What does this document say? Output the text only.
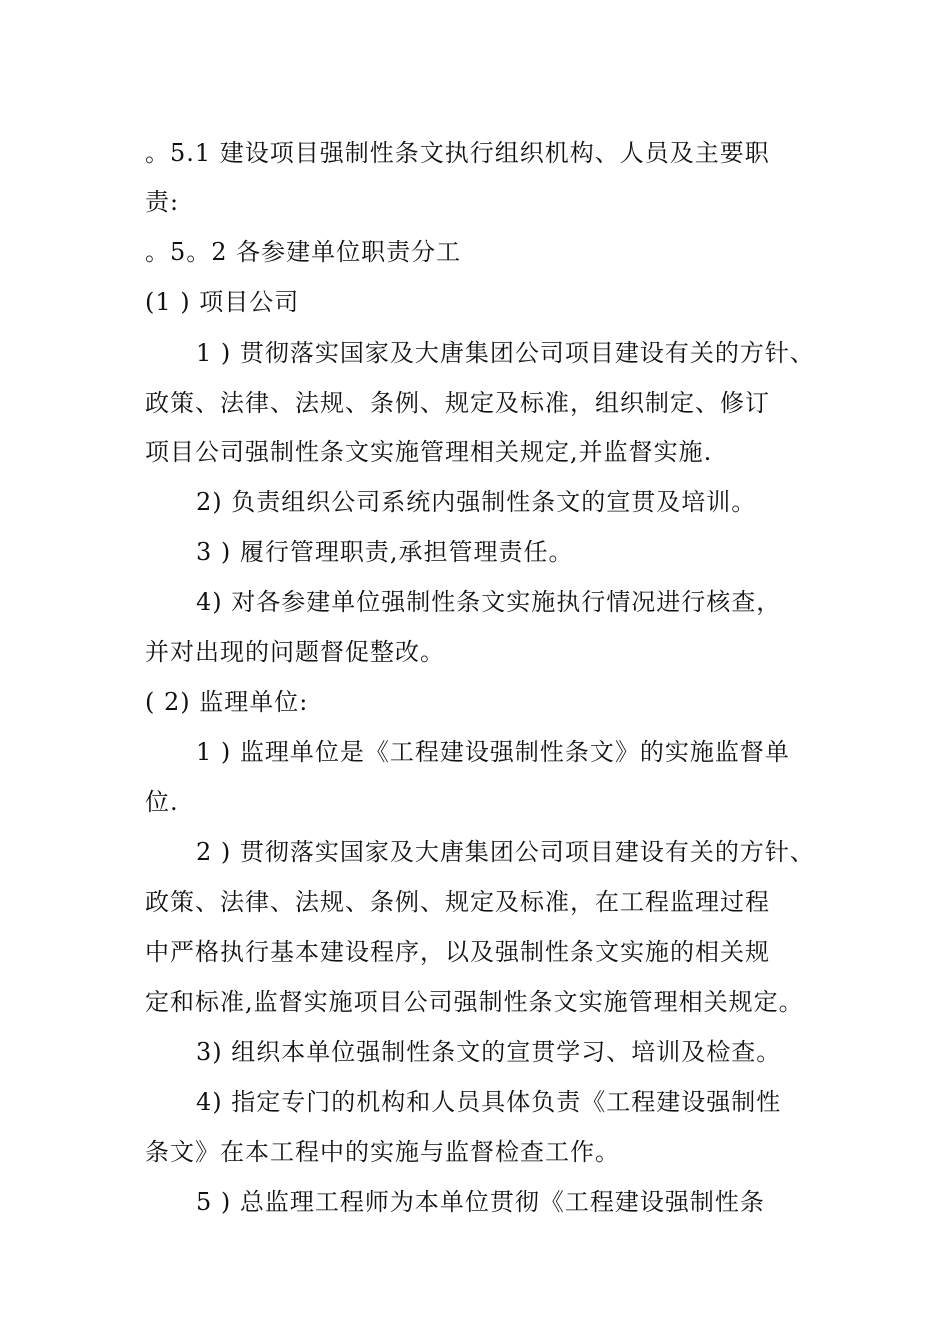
。5.1 建设项目强制性条文执行组织机构、人员及主要职
责:
。5。2 各参建单位职责分工
(1 ) 项目公司
1 ) 贯彻落实国家及大唐集团公司项目建设有关的方针、
政策、法律、法规、条例、规定及标准，组织制定、修订
项目公司强制性条文实施管理相关规定,并监督实施.
2) 负责组织公司系统内强制性条文的宣贯及培训。
3 ) 履行管理职责,承担管理责任。
4) 对各参建单位强制性条文实施执行情况进行核查，
并对出现的问题督促整改。
( 2) 监理单位:
1 ) 监理单位是《工程建设强制性条文》的实施监督单
位.
2 ) 贯彻落实国家及大唐集团公司项目建设有关的方针、
政策、法律、法规、条例、规定及标准，在工程监理过程
中严格执行基本建设程序，以及强制性条文实施的相关规
定和标准,监督实施项目公司强制性条文实施管理相关规定。
3) 组织本单位强制性条文的宣贯学习、培训及检查。
4) 指定专门的机构和人员具体负责《工程建设强制性
条文》在本工程中的实施与监督检查工作。
5 ) 总监理工程师为本单位贯彻《工程建设强制性条
